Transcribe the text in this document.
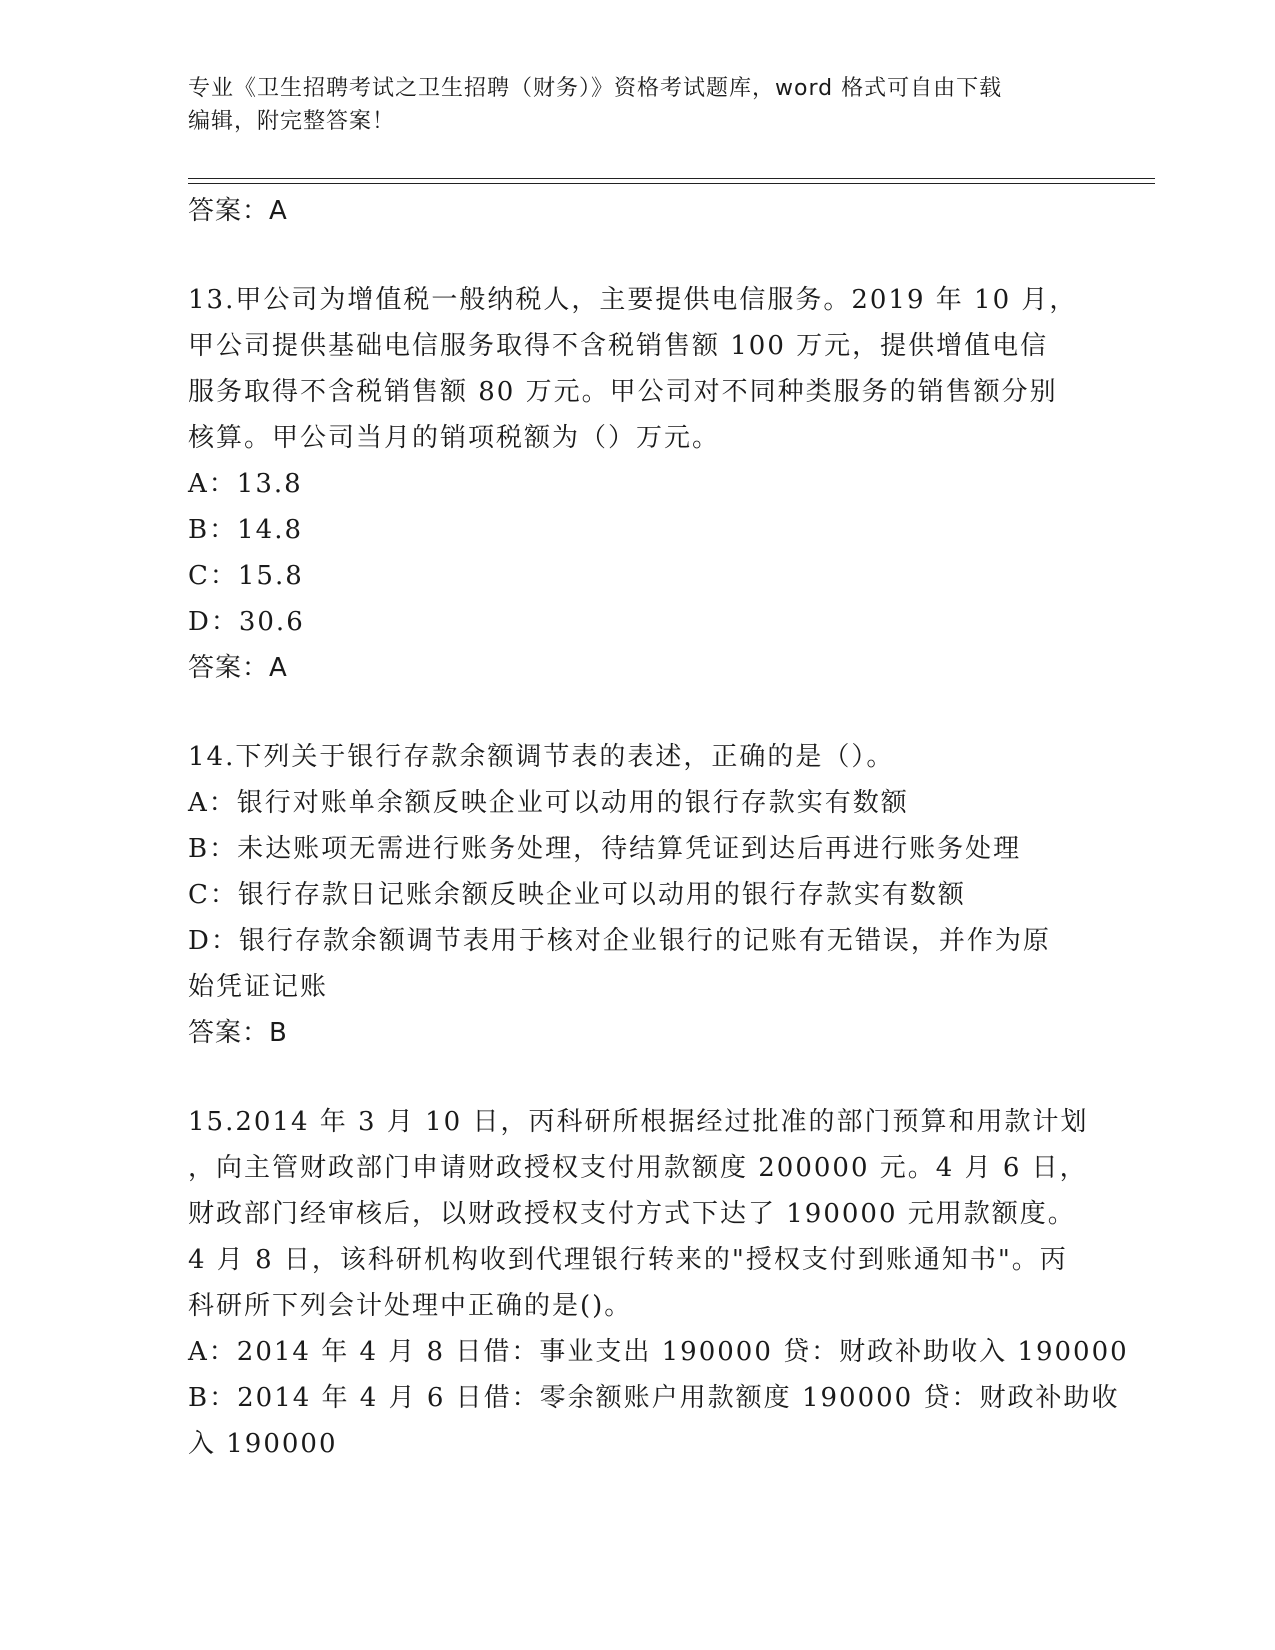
专业《卫生招聘考试之卫生招聘（财务）》资格考试题库，word 格式可自由下载
编辑，附完整答案！
答案：A
13.甲公司为增值税一般纳税人，主要提供电信服务。2019 年 10 月，
甲公司提供基础电信服务取得不含税销售额 100 万元，提供增值电信
服务取得不含税销售额 80 万元。甲公司对不同种类服务的销售额分别
核算。甲公司当月的销项税额为（）万元。
A：13.8
B：14.8
C：15.8
D：30.6
答案：A
14.下列关于银行存款余额调节表的表述，正确的是（）。
A：银行对账单余额反映企业可以动用的银行存款实有数额
B：未达账项无需进行账务处理，待结算凭证到达后再进行账务处理
C：银行存款日记账余额反映企业可以动用的银行存款实有数额
D：银行存款余额调节表用于核对企业银行的记账有无错误，并作为原
始凭证记账
答案：B
15.2014 年 3 月 10 日，丙科研所根据经过批准的部门预算和用款计划
，向主管财政部门申请财政授权支付用款额度 200000 元。4 月 6 日，
财政部门经审核后，以财政授权支付方式下达了 190000 元用款额度。
4 月 8 日，该科研机构收到代理银行转来的"授权支付到账通知书"。丙
科研所下列会计处理中正确的是()。
A：2014 年 4 月 8 日借：事业支出 190000 贷：财政补助收入 190000
B：2014 年 4 月 6 日借：零余额账户用款额度 190000 贷：财政补助收
入 190000
